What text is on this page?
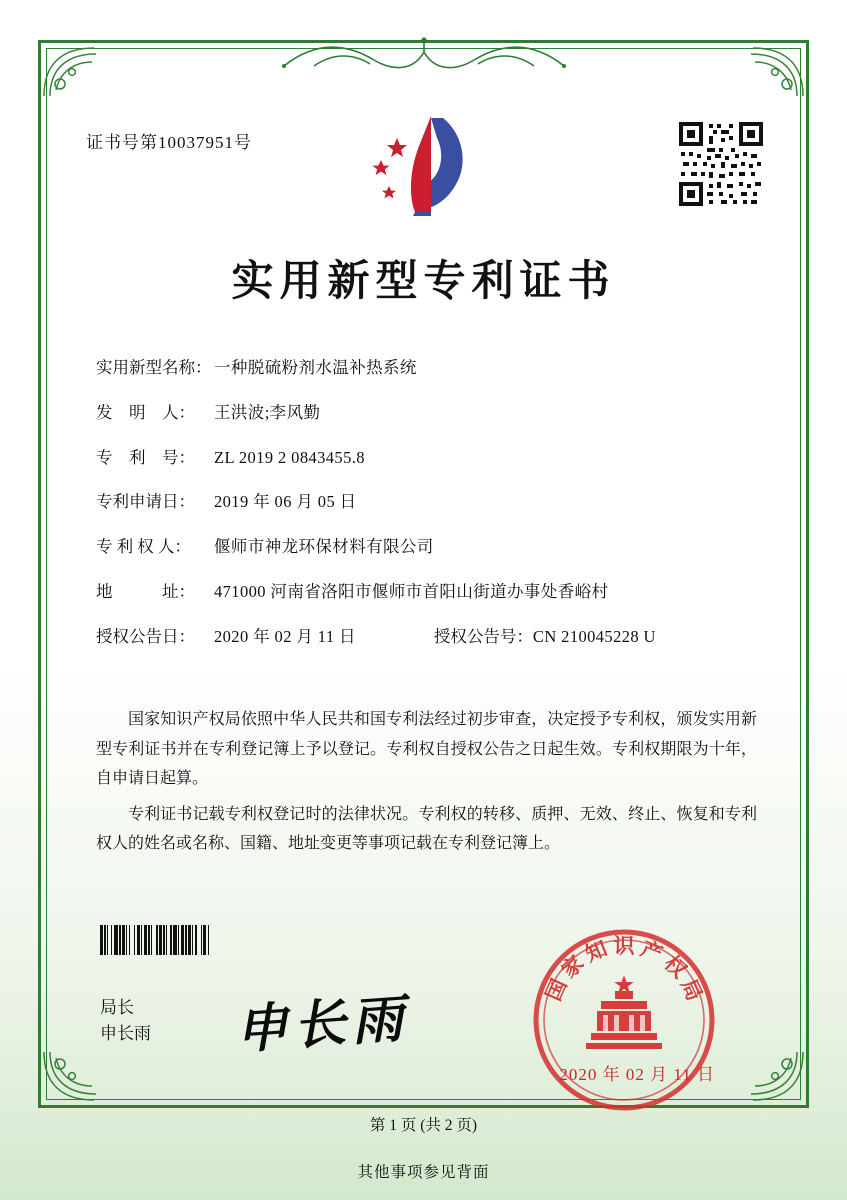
证书号第10037951号
实用新型专利证书
实用新型名称： 一种脱硫粉剂水温补热系统
发　明　人：	王洪波;李风勤
专　利　号：	ZL 2019 2 0843455.8
专利申请日：	2019 年 06 月 05 日
专 利 权 人：	偃师市神龙环保材料有限公司
地　　　址：	471000 河南省洛阳市偃师市首阳山街道办事处香峪村
授权公告日：	2020 年 02 月 11 日	授权公告号： CN 210045228 U

国家知识产权局依照中华人民共和国专利法经过初步审查，决定授予专利权，颁发实用新型专利证书并在专利登记簿上予以登记。专利权自授权公告之日起生效。专利权期限为十年，自申请日起算。

专利证书记载专利权登记时的法律状况。专利权的转移、质押、无效、终止、恢复和专利权人的姓名或名称、国籍、地址变更等事项记载在专利登记簿上。

局长
申长雨 申长雨
国
家
知 识 产
权
局
2020 年 02 月 11 日
第 1 页 (共 2 页)
其他事项参见背面
